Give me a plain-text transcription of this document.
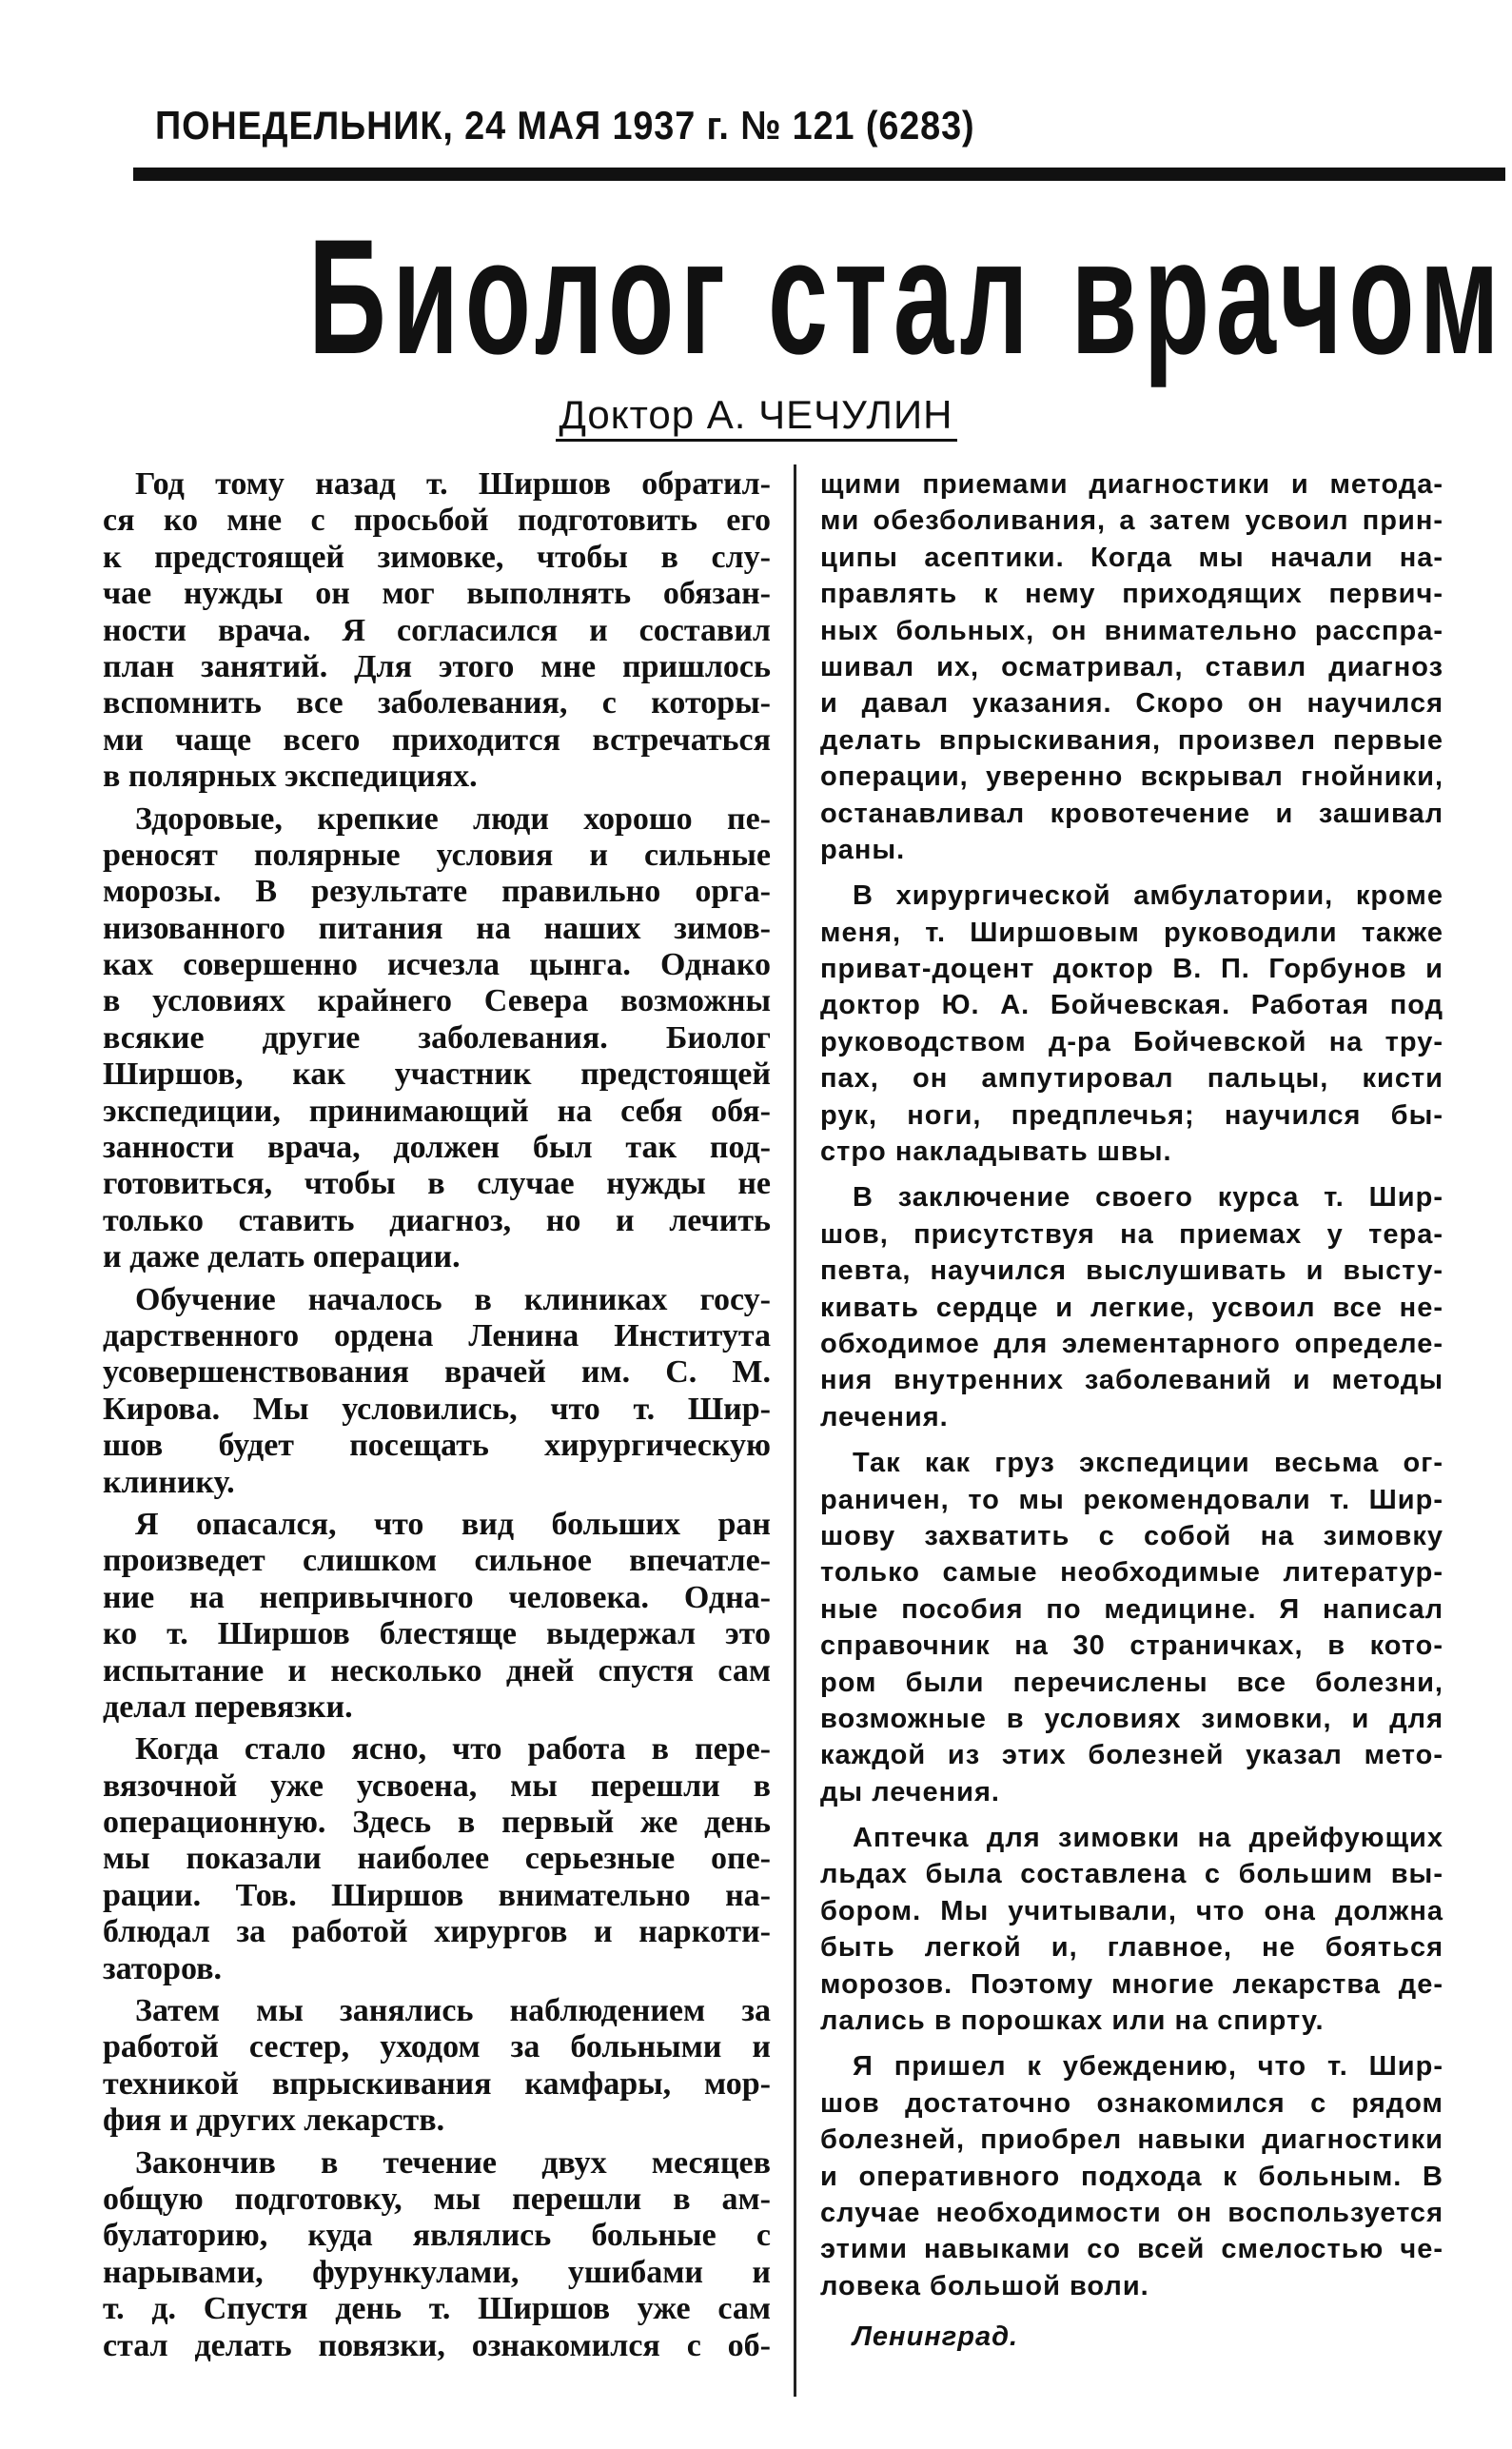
ПОНЕДЕЛЬНИК, 24 МАЯ 1937 г. № 121 (6283)
Биолог стал врачом
Доктор А. ЧЕЧУЛИН
Год тому назад т. Ширшов обратил-
ся ко мне с просьбой подготовить его
к предстоящей зимовке, чтобы в слу-
чае нужды он мог выполнять обязан-
ности врача. Я согласился и составил
план занятий. Для этого мне пришлось
вспомнить все заболевания, с которы-
ми чаще всего приходится встречаться
в полярных экспедициях.
Здоровые, крепкие люди хорошо пе-
реносят полярные условия и сильные
морозы. В результате правильно орга-
низованного питания на наших зимов-
ках совершенно исчезла цынга. Однако
в условиях крайнего Севера возможны
всякие другие заболевания. Биолог
Ширшов, как участник предстоящей
экспедиции, принимающий на себя обя-
занности врача, должен был так под-
готовиться, чтобы в случае нужды не
только ставить диагноз, но и лечить
и даже делать операции.
Обучение началось в клиниках госу-
дарственного ордена Ленина Института
усовершенствования врачей им. С. М.
Кирова. Мы условились, что т. Шир-
шов будет посещать хирургическую
клинику.
Я опасался, что вид больших ран
произведет слишком сильное впечатле-
ние на непривычного человека. Одна-
ко т. Ширшов блестяще выдержал это
испытание и несколько дней спустя сам
делал перевязки.
Когда стало ясно, что работа в пере-
вязочной уже усвоена, мы перешли в
операционную. Здесь в первый же день
мы показали наиболее серьезные опе-
рации. Тов. Ширшов внимательно на-
блюдал за работой хирургов и наркоти-
заторов.
Затем мы занялись наблюдением за
работой сестер, уходом за больными и
техникой впрыскивания камфары, мор-
фия и других лекарств.
Закончив в течение двух месяцев
общую подготовку, мы перешли в ам-
булаторию, куда являлись больные с
нарывами, фурункулами, ушибами и
т. д. Спустя день т. Ширшов уже сам
стал делать повязки, ознакомился с об-
щими приемами диагностики и метода-
ми обезболивания, а затем усвоил прин-
ципы асептики. Когда мы начали на-
правлять к нему приходящих первич-
ных больных, он внимательно расспра-
шивал их, осматривал, ставил диагноз
и давал указания. Скоро он научился
делать впрыскивания, произвел первые
операции, уверенно вскрывал гнойники,
останавливал кровотечение и зашивал
раны.
В хирургической амбулатории, кроме
меня, т. Ширшовым руководили также
приват-доцент доктор В. П. Горбунов и
доктор Ю. А. Бойчевская. Работая под
руководством д-ра Бойчевской на тру-
пах, он ампутировал пальцы, кисти
рук, ноги, предплечья; научился бы-
стро накладывать швы.
В заключение своего курса т. Шир-
шов, присутствуя на приемах у тера-
певта, научился выслушивать и высту-
кивать сердце и легкие, усвоил все не-
обходимое для элементарного определе-
ния внутренних заболеваний и методы
лечения.
Так как груз экспедиции весьма ог-
раничен, то мы рекомендовали т. Шир-
шову захватить с собой на зимовку
только самые необходимые литератур-
ные пособия по медицине. Я написал
справочник на 30 страничках, в кото-
ром были перечислены все болезни,
возможные в условиях зимовки, и для
каждой из этих болезней указал мето-
ды лечения.
Аптечка для зимовки на дрейфующих
льдах была составлена с большим вы-
бором. Мы учитывали, что она должна
быть легкой и, главное, не бояться
морозов. Поэтому многие лекарства де-
лались в порошках или на спирту.
Я пришел к убеждению, что т. Шир-
шов достаточно ознакомился с рядом
болезней, приобрел навыки диагностики
и оперативного подхода к больным. В
случае необходимости он воспользуется
этими навыками со всей смелостью че-
ловека большой воли.
Ленинград.
